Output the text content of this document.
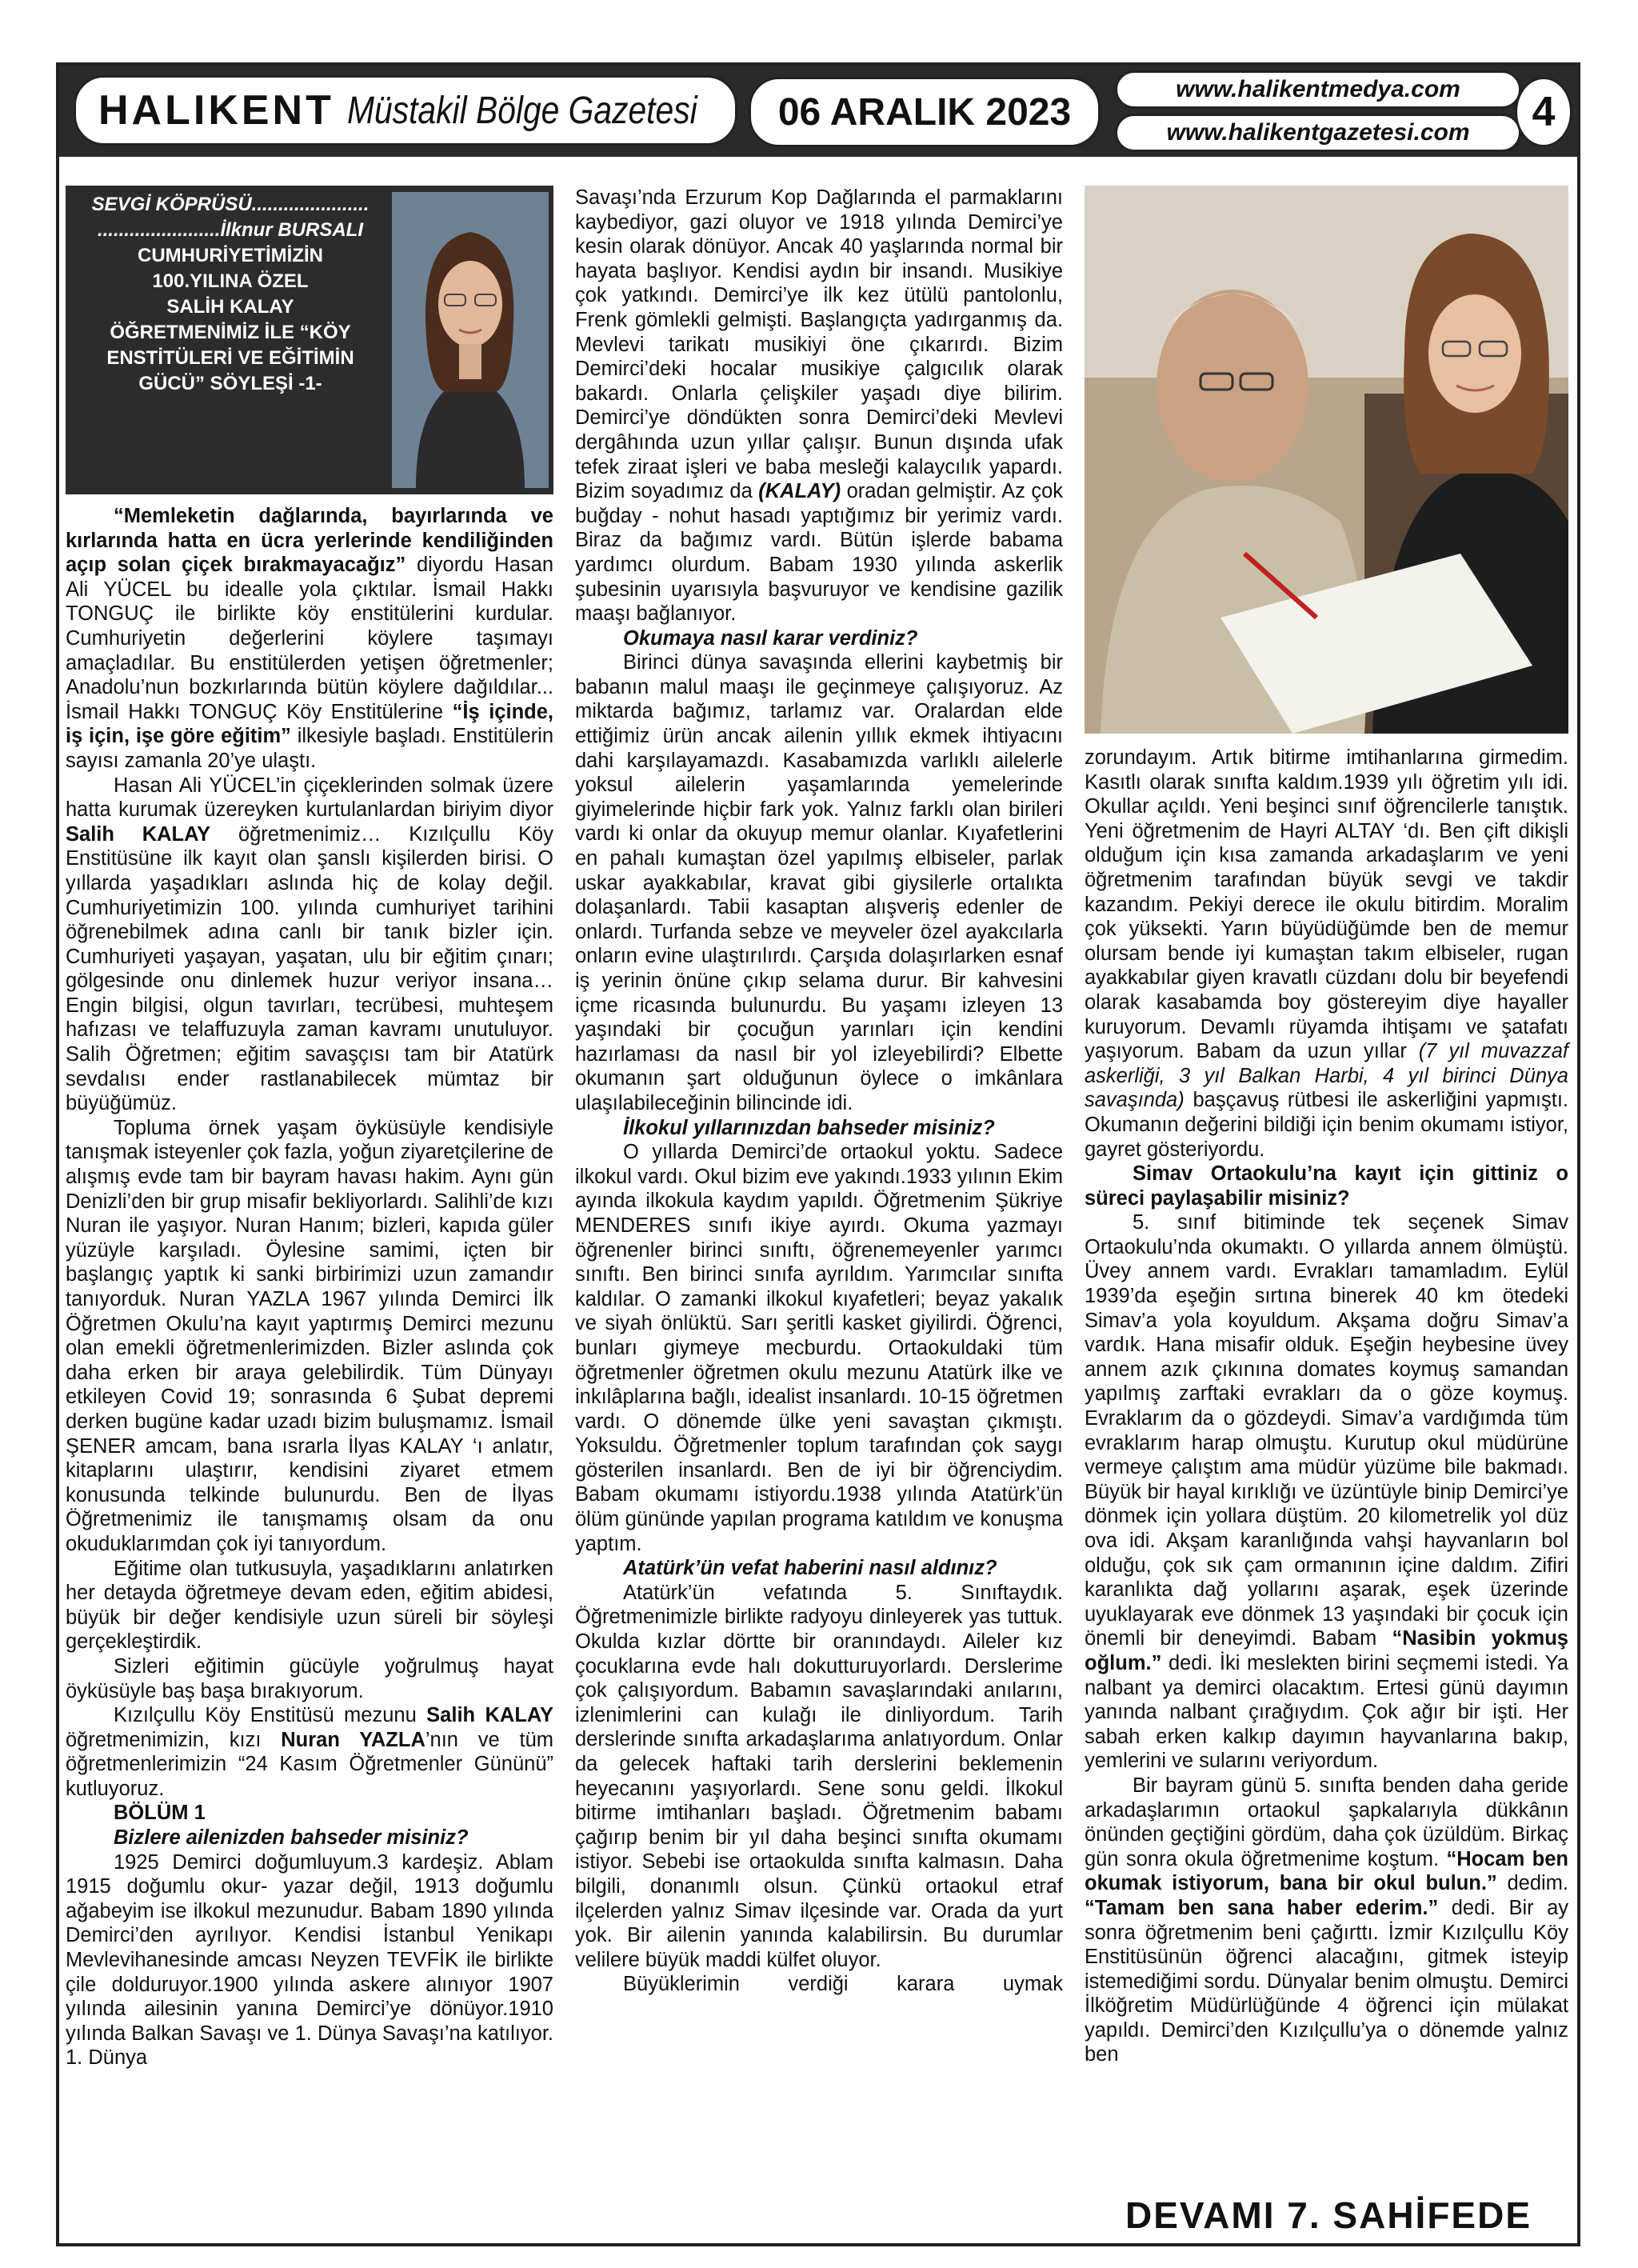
HALIKENT Müstakil Bölge Gazetesi	06 ARALIK 2023
www.halikentmedya.com
www.halikentgazetesi.com	4
SEVGİ KÖPRÜSÜ......................
.......................İlknur BURSALI
CUMHURİYETİMİZİN
100.YILINA ÖZEL
SALİH KALAY
ÖĞRETMENİMİZ İLE “KÖY
ENSTİTÜLERİ VE EĞİTİMİN
GÜCÜ” SÖYLEŞİ -1-

“Memleketin dağlarında, bayırlarında ve kırlarında hatta en ücra yerlerinde kendiliğinden açıp solan çiçek bırakmayacağız” diyordu Hasan Ali YÜCEL bu idealle yola çıktılar. İsmail Hakkı TONGUÇ ile birlikte köy enstitülerini kurdular. Cumhuriyetin değerlerini köylere taşımayı amaçladılar. Bu enstitülerden yetişen öğretmenler; Anadolu’nun bozkırlarında bütün köylere dağıldılar... İsmail Hakkı TONGUÇ Köy Enstitülerine “İş içinde, iş için, işe göre eğitim” ilkesiyle başladı. Enstitülerin sayısı zamanla 20’ye ulaştı.

Hasan Ali YÜCEL’in çiçeklerinden solmak üzere hatta kurumak üzereyken kurtulanlardan biriyim diyor Salih KALAY öğretmenimiz… Kızılçullu Köy Enstitüsüne ilk kayıt olan şanslı kişilerden birisi. O yıllarda yaşadıkları aslında hiç de kolay değil. Cumhuriyetimizin 100. yılında cumhuriyet tarihini öğrenebilmek adına canlı bir tanık bizler için. Cumhuriyeti yaşayan, yaşatan, ulu bir eğitim çınarı; gölgesinde onu dinlemek huzur veriyor insana… Engin bilgisi, olgun tavırları, tecrübesi, muhteşem hafızası ve telaffuzuyla zaman kavramı unutuluyor. Salih Öğretmen; eğitim savaşçısı tam bir Atatürk sevdalısı ender rastlanabilecek mümtaz bir büyüğümüz.

Topluma örnek yaşam öyküsüyle kendisiyle tanışmak isteyenler çok fazla, yoğun ziyaretçilerine de alışmış evde tam bir bayram havası hakim. Aynı gün Denizli’den bir grup misafir bekliyorlardı. Salihli’de kızı Nuran ile yaşıyor. Nuran Hanım; bizleri, kapıda güler yüzüyle karşıladı. Öylesine samimi, içten bir başlangıç yaptık ki sanki birbirimizi uzun zamandır tanıyorduk. Nuran YAZLA 1967 yılında Demirci İlk Öğretmen Okulu’na kayıt yaptırmış Demirci mezunu olan emekli öğretmenlerimizden. Bizler aslında çok daha erken bir araya gelebilirdik. Tüm Dünyayı etkileyen Covid 19; sonrasında 6 Şubat depremi derken bugüne kadar uzadı bizim buluşmamız. İsmail ŞENER amcam, bana ısrarla İlyas KALAY ‘ı anlatır, kitaplarını ulaştırır, kendisini ziyaret etmem konusunda telkinde bulunurdu. Ben de İlyas Öğretmenimiz ile tanışmamış olsam da onu okuduklarımdan çok iyi tanıyordum.

Eğitime olan tutkusuyla, yaşadıklarını anlatırken her detayda öğretmeye devam eden, eğitim abidesi, büyük bir değer kendisiyle uzun süreli bir söyleşi gerçekleştirdik.

Sizleri eğitimin gücüyle yoğrulmuş hayat öyküsüyle baş başa bırakıyorum.

Kızılçullu Köy Enstitüsü mezunu Salih KALAY öğretmenimizin, kızı Nuran YAZLA’nın ve tüm öğretmenlerimizin “24 Kasım Öğretmenler Gününü” kutluyoruz.

BÖLÜM 1

Bizlere ailenizden bahseder misiniz?

1925 Demirci doğumluyum.3 kardeşiz. Ablam 1915 doğumlu okur- yazar değil, 1913 doğumlu ağabeyim ise ilkokul mezunudur. Babam 1890 yılında Demirci’den ayrılıyor. Kendisi İstanbul Yenikapı Mevlevihanesinde amcası Neyzen TEVFİK ile birlikte çile dolduruyor.1900 yılında askere alınıyor 1907 yılında ailesinin yanına Demirci’ye dönüyor.1910 yılında Balkan Savaşı ve 1. Dünya Savaşı’na katılıyor. 1. Dünya

Savaşı’nda Erzurum Kop Dağlarında el parmaklarını kaybediyor, gazi oluyor ve 1918 yılında Demirci’ye kesin olarak dönüyor. Ancak 40 yaşlarında normal bir hayata başlıyor. Kendisi aydın bir insandı. Musikiye çok yatkındı. Demirci’ye ilk kez ütülü pantolonlu, Frenk gömlekli gelmişti. Başlangıçta yadırganmış da. Mevlevi tarikatı musikiyi öne çıkarırdı. Bizim Demirci’deki hocalar musikiye çalgıcılık olarak bakardı. Onlarla çelişkiler yaşadı diye bilirim. Demirci’ye döndükten sonra Demirci’deki Mevlevi dergâhında uzun yıllar çalışır. Bunun dışında ufak tefek ziraat işleri ve baba mesleği kalaycılık yapardı. Bizim soyadımız da (KALAY) oradan gelmiştir. Az çok buğday - nohut hasadı yaptığımız bir yerimiz vardı. Biraz da bağımız vardı. Bütün işlerde babama yardımcı olurdum. Babam 1930 yılında askerlik şubesinin uyarısıyla başvuruyor ve kendisine gazilik maaşı bağlanıyor.

Okumaya nasıl karar verdiniz?

Birinci dünya savaşında ellerini kaybetmiş bir babanın malul maaşı ile geçinmeye çalışıyoruz. Az miktarda bağımız, tarlamız var. Oralardan elde ettiğimiz ürün ancak ailenin yıllık ekmek ihtiyacını dahi karşılayamazdı. Kasabamızda varlıklı ailelerle yoksul ailelerin yaşamlarında yemelerinde giyimelerinde hiçbir fark yok. Yalnız farklı olan birileri vardı ki onlar da okuyup memur olanlar. Kıyafetlerini en pahalı kumaştan özel yapılmış elbiseler, parlak uskar ayakkabılar, kravat gibi giysilerle ortalıkta dolaşanlardı. Tabii kasaptan alışveriş edenler de onlardı. Turfanda sebze ve meyveler özel ayakcılarla onların evine ulaştırılırdı. Çarşıda dolaşırlarken esnaf iş yerinin önüne çıkıp selama durur. Bir kahvesini içme ricasında bulunurdu. Bu yaşamı izleyen 13 yaşındaki bir çocuğun yarınları için kendini hazırlaması da nasıl bir yol izleyebilirdi? Elbette okumanın şart olduğunun öylece o imkânlara ulaşılabileceğinin bilincinde idi.

İlkokul yıllarınızdan bahseder misiniz?

O yıllarda Demirci’de ortaokul yoktu. Sadece ilkokul vardı. Okul bizim eve yakındı.1933 yılının Ekim ayında ilkokula kaydım yapıldı. Öğretmenim Şükriye MENDERES sınıfı ikiye ayırdı. Okuma yazmayı öğrenenler birinci sınıftı, öğrenemeyenler yarımcı sınıftı. Ben birinci sınıfa ayrıldım. Yarımcılar sınıfta kaldılar. O zamanki ilkokul kıyafetleri; beyaz yakalık ve siyah önlüktü. Sarı şeritli kasket giyilirdi. Öğrenci, bunları giymeye mecburdu. Ortaokuldaki tüm öğretmenler öğretmen okulu mezunu Atatürk ilke ve inkılâplarına bağlı, idealist insanlardı. 10-15 öğretmen vardı. O dönemde ülke yeni savaştan çıkmıştı. Yoksuldu. Öğretmenler toplum tarafından çok saygı gösterilen insanlardı. Ben de iyi bir öğrenciydim. Babam okumamı istiyordu.1938 yılında Atatürk’ün ölüm gününde yapılan programa katıldım ve konuşma yaptım.

Atatürk’ün vefat haberini nasıl aldınız?

Atatürk’ün vefatında 5. Sınıftaydık. Öğretmenimizle birlikte radyoyu dinleyerek yas tuttuk. Okulda kızlar dörtte bir oranındaydı. Aileler kız çocuklarına evde halı dokutturuyorlardı. Derslerime çok çalışıyordum. Babamın savaşlarındaki anılarını, izlenimlerini can kulağı ile dinliyordum. Tarih derslerinde sınıfta arkadaşlarıma anlatıyordum. Onlar da gelecek haftaki tarih derslerini beklemenin heyecanını yaşıyorlardı. Sene sonu geldi. İlkokul bitirme imtihanları başladı. Öğretmenim babamı çağırıp benim bir yıl daha beşinci sınıfta okumamı istiyor. Sebebi ise ortaokulda sınıfta kalmasın. Daha bilgili, donanımlı olsun. Çünkü ortaokul etraf ilçelerden yalnız Simav ilçesinde var. Orada da yurt yok. Bir ailenin yanında kalabilirsin. Bu durumlar velilere büyük maddi külfet oluyor.

Büyüklerimin verdiği karara uymak

zorundayım. Artık bitirme imtihanlarına girmedim. Kasıtlı olarak sınıfta kaldım.1939 yılı öğretim yılı idi. Okullar açıldı. Yeni beşinci sınıf öğrencilerle tanıştık. Yeni öğretmenim de Hayri ALTAY ‘dı. Ben çift dikişli olduğum için kısa zamanda arkadaşlarım ve yeni öğretmenim tarafından büyük sevgi ve takdir kazandım. Pekiyi derece ile okulu bitirdim. Moralim çok yüksekti. Yarın büyüdüğümde ben de memur olursam bende iyi kumaştan takım elbiseler, rugan ayakkabılar giyen kravatlı cüzdanı dolu bir beyefendi olarak kasabamda boy göstereyim diye hayaller kuruyorum. Devamlı rüyamda ihtişamı ve şatafatı yaşıyorum. Babam da uzun yıllar (7 yıl muvazzaf askerliği, 3 yıl Balkan Harbi, 4 yıl birinci Dünya savaşında) başçavuş rütbesi ile askerliğini yapmıştı. Okumanın değerini bildiği için benim okumamı istiyor, gayret gösteriyordu.

Simav Ortaokulu’na kayıt için gittiniz o süreci paylaşabilir misiniz?

5. sınıf bitiminde tek seçenek Simav Ortaokulu’nda okumaktı. O yıllarda annem ölmüştü. Üvey annem vardı. Evrakları tamamladım. Eylül 1939’da eşeğin sırtına binerek 40 km ötedeki Simav’a yola koyuldum. Akşama doğru Simav’a vardık. Hana misafir olduk. Eşeğin heybesine üvey annem azık çıkınına domates koymuş samandan yapılmış zarftaki evrakları da o göze koymuş. Evraklarım da o gözdeydi. Simav’a vardığımda tüm evraklarım harap olmuştu. Kurutup okul müdürüne vermeye çalıştım ama müdür yüzüme bile bakmadı. Büyük bir hayal kırıklığı ve üzüntüyle binip Demirci’ye dönmek için yollara düştüm. 20 kilometrelik yol düz ova idi. Akşam karanlığında vahşi hayvanların bol olduğu, çok sık çam ormanının içine daldım. Zifiri karanlıkta dağ yollarını aşarak, eşek üzerinde uyuklayarak eve dönmek 13 yaşındaki bir çocuk için önemli bir deneyimdi. Babam “Nasibin yokmuş oğlum.” dedi. İki meslekten birini seçmemi istedi. Ya nalbant ya demirci olacaktım. Ertesi günü dayımın yanında nalbant çırağıydım. Çok ağır bir işti. Her sabah erken kalkıp dayımın hayvanlarına bakıp, yemlerini ve sularını veriyordum.

Bir bayram günü 5. sınıfta benden daha geride arkadaşlarımın ortaokul şapkalarıyla dükkânın önünden geçtiğini gördüm, daha çok üzüldüm. Birkaç gün sonra okula öğretmenime koştum. “Hocam ben okumak istiyorum, bana bir okul bulun.” dedim. “Tamam ben sana haber ederim.” dedi. Bir ay sonra öğretmenim beni çağırttı. İzmir Kızılçullu Köy Enstitüsünün öğrenci alacağını, gitmek isteyip istemediğimi sordu. Dünyalar benim olmuştu. Demirci İlköğretim Müdürlüğünde 4 öğrenci için mülakat yapıldı. Demirci’den Kızılçullu’ya o dönemde yalnız ben

DEVAMI 7. SAHİFEDE
